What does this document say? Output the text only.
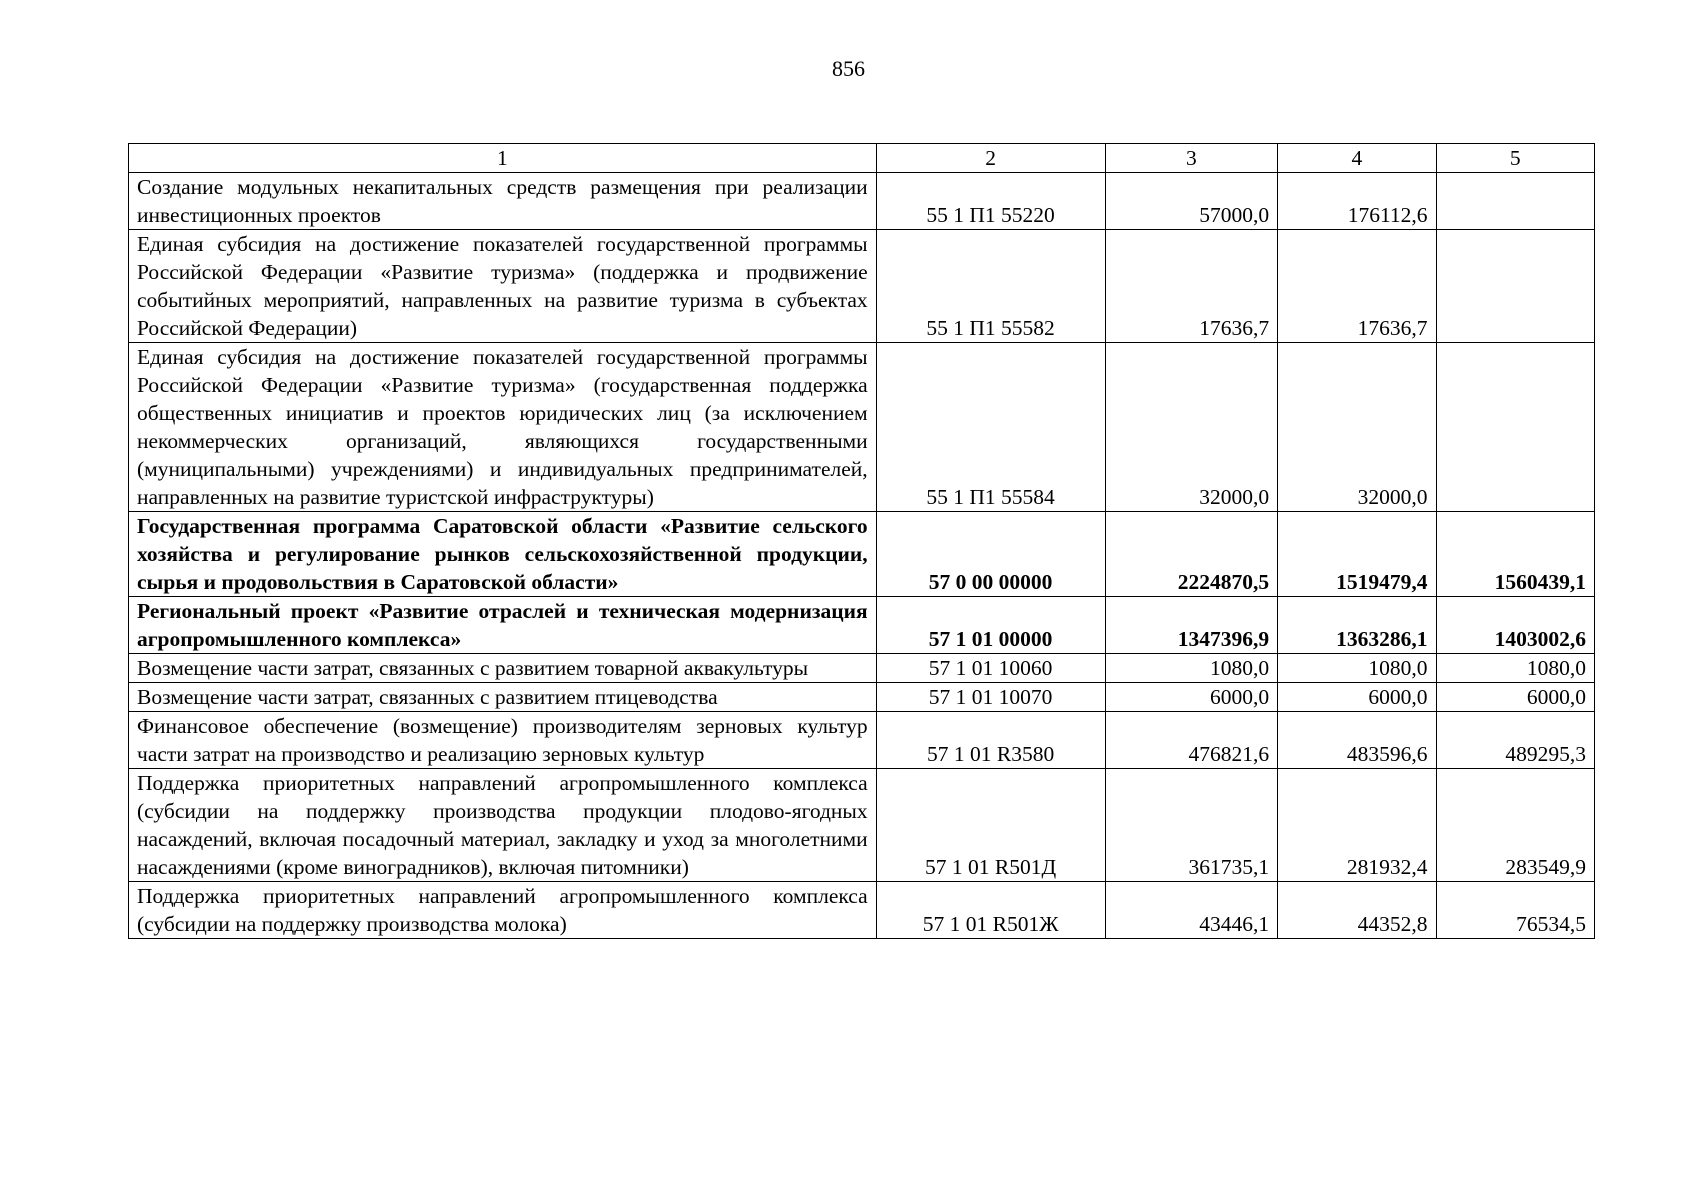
856
1	2	3	4	5
Создание модульных некапитальных средств размещения при реализации инвестиционных проектов	55 1 П1 55220	57000,0	176112,6	
Единая субсидия на достижение показателей государственной программы Российской Федерации «Развитие туризма» (поддержка и продвижение событийных мероприятий, направленных на развитие туризма в субъектах Российской Федерации)	55 1 П1 55582	17636,7	17636,7	
Единая субсидия на достижение показателей государственной программы Российской Федерации «Развитие туризма» (государственная поддержка общественных инициатив и проектов юридических лиц (за исключением некоммерческих организаций, являющихся государственными (муниципальными) учреждениями) и индивидуальных предпринимателей, направленных на развитие туристской инфраструктуры)	55 1 П1 55584	32000,0	32000,0	
Государственная программа Саратовской области «Развитие сельского хозяйства и регулирование рынков сельскохозяйственной продукции, сырья и продовольствия в Саратовской области»	57 0 00 00000	2224870,5	1519479,4	1560439,1
Региональный проект «Развитие отраслей и техническая модернизация агропромышленного комплекса»	57 1 01 00000	1347396,9	1363286,1	1403002,6
Возмещение части затрат, связанных с развитием товарной аквакультуры	57 1 01 10060	1080,0	1080,0	1080,0
Возмещение части затрат, связанных с развитием птицеводства	57 1 01 10070	6000,0	6000,0	6000,0
Финансовое обеспечение (возмещение) производителям зерновых культур части затрат на производство и реализацию зерновых культур	57 1 01 R3580	476821,6	483596,6	489295,3
Поддержка приоритетных направлений агропромышленного комплекса (субсидии на поддержку производства продукции плодово-ягодных насаждений, включая посадочный материал, закладку и уход за многолетними насаждениями (кроме виноградников), включая питомники)	57 1 01 R501Д	361735,1	281932,4	283549,9
Поддержка приоритетных направлений агропромышленного комплекса (субсидии на поддержку производства молока)	57 1 01 R501Ж	43446,1	44352,8	76534,5
